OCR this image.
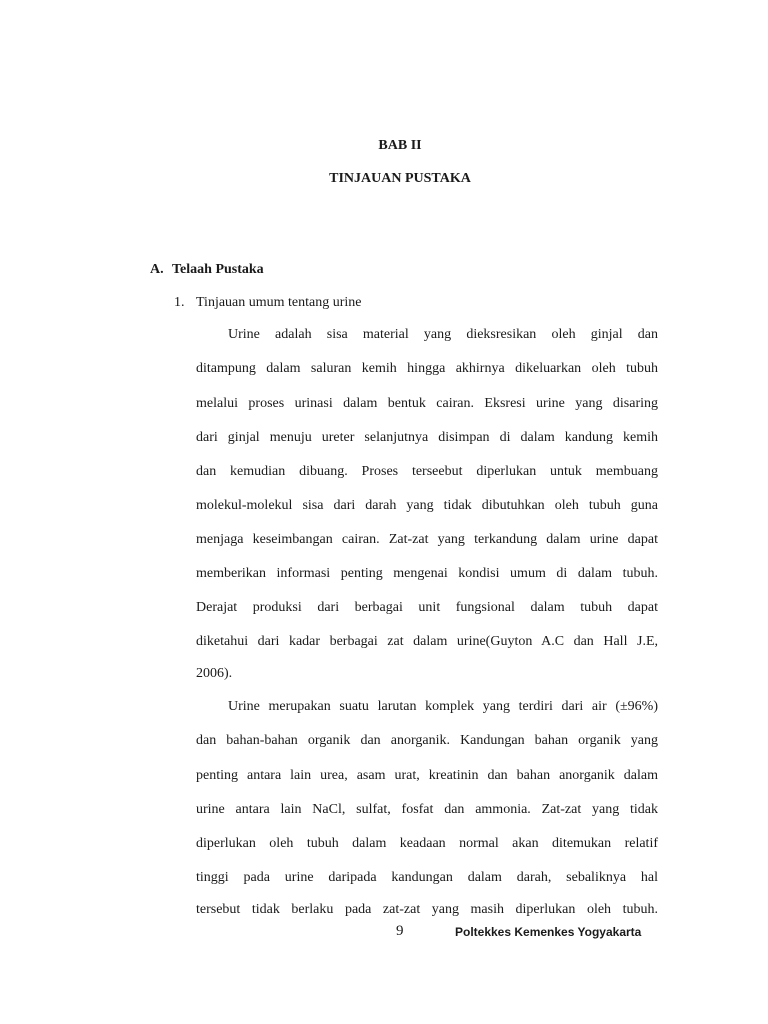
BAB II
TINJAUAN PUSTAKA
A. Telaah Pustaka
1. Tinjauan umum tentang urine
Urine adalah sisa material yang dieksresikan oleh ginjal dan
ditampung dalam saluran kemih hingga akhirnya dikeluarkan oleh tubuh
melalui proses urinasi dalam bentuk cairan. Eksresi urine yang disaring
dari ginjal menuju ureter selanjutnya disimpan di dalam kandung kemih
dan kemudian dibuang. Proses terseebut diperlukan untuk membuang
molekul-molekul sisa dari darah yang tidak dibutuhkan oleh tubuh guna
menjaga keseimbangan cairan. Zat-zat yang terkandung dalam urine dapat
memberikan informasi penting mengenai kondisi umum di dalam tubuh.
Derajat produksi dari berbagai unit fungsional dalam tubuh dapat
diketahui dari kadar berbagai zat dalam urine(Guyton A.C dan Hall J.E,
2006).
Urine merupakan suatu larutan komplek yang terdiri dari air (±96%)
dan bahan-bahan organik dan anorganik. Kandungan bahan organik yang
penting antara lain urea, asam urat, kreatinin dan bahan anorganik dalam
urine antara lain NaCl, sulfat, fosfat dan ammonia. Zat-zat yang tidak
diperlukan oleh tubuh dalam keadaan normal akan ditemukan relatif
tinggi pada urine daripada kandungan dalam darah, sebaliknya hal
tersebut tidak berlaku pada zat-zat yang masih diperlukan oleh tubuh.
9	Poltekkes Kemenkes Yogyakarta
